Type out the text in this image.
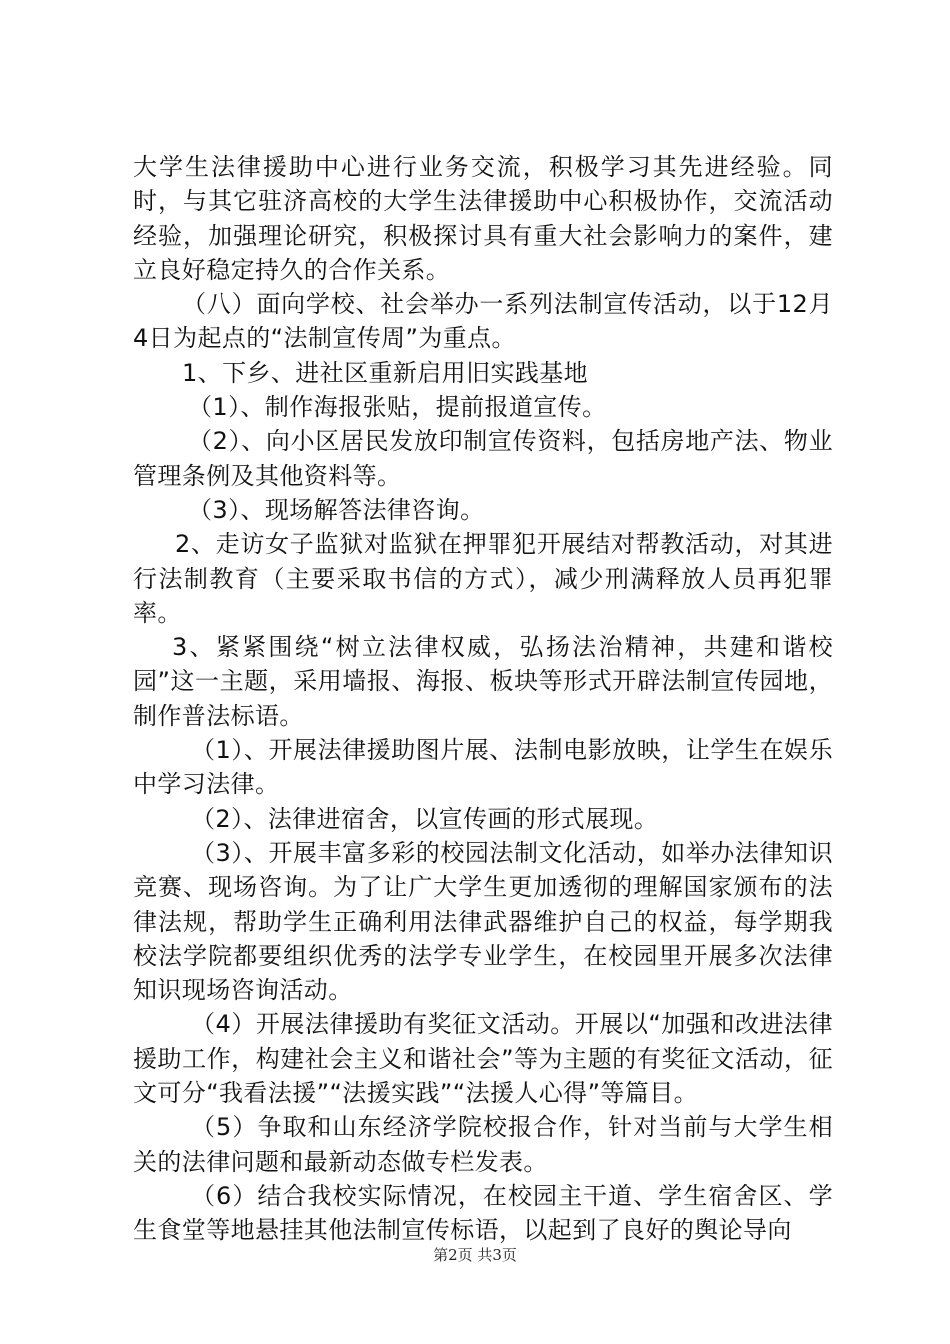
大学生法律援助中心进行业务交流，积极学习其先进经验。同时，与其它驻济高校的大学生法律援助中心积极协作，交流活动经验，加强理论研究，积极探讨具有重大社会影响力的案件，建立良好稳定持久的合作关系。

（八）面向学校、社会举办一系列法制宣传活动，以于12月4日为起点的“法制宣传周”为重点。

1、下乡、进社区重新启用旧实践基地

（1）、制作海报张贴，提前报道宣传。

（2）、向小区居民发放印制宣传资料，包括房地产法、物业管理条例及其他资料等。

（3）、现场解答法律咨询。

2、走访女子监狱对监狱在押罪犯开展结对帮教活动，对其进行法制教育（主要采取书信的方式），减少刑满释放人员再犯罪率。

3、紧紧围绕“树立法律权威，弘扬法治精神，共建和谐校园”这一主题，采用墙报、海报、板块等形式开辟法制宣传园地，制作普法标语。

（1）、开展法律援助图片展、法制电影放映，让学生在娱乐中学习法律。

（2）、法律进宿舍，以宣传画的形式展现。

（3）、开展丰富多彩的校园法制文化活动，如举办法律知识竞赛、现场咨询。为了让广大学生更加透彻的理解国家颁布的法律法规，帮助学生正确利用法律武器维护自己的权益，每学期我校法学院都要组织优秀的法学专业学生，在校园里开展多次法律知识现场咨询活动。

（4）开展法律援助有奖征文活动。开展以“加强和改进法律援助工作，构建社会主义和谐社会”等为主题的有奖征文活动，征文可分“我看法援”“法援实践”“法援人心得”等篇目。

（5）争取和山东经济学院校报合作，针对当前与大学生相关的法律问题和最新动态做专栏发表。

（6）结合我校实际情况，在校园主干道、学生宿舍区、学生食堂等地悬挂其他法制宣传标语，以起到了良好的舆论导向

第2页 共3页
